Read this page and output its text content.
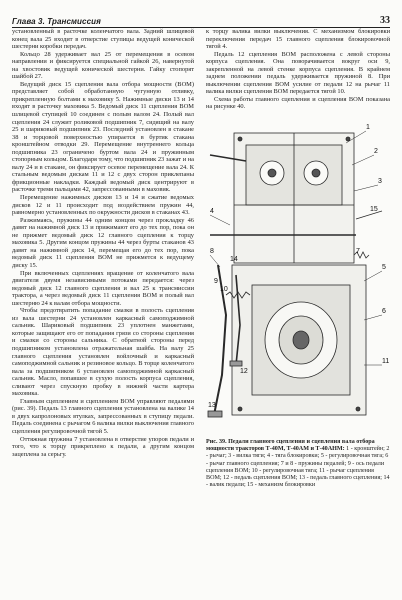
Глава 3. Трансмиссия	33

установленный в расточке коленчатого вала. Задний шлицевой конец вала 25 входит в отверстие ступицы ведущей конической шестерни коробки передач.

Кольцо 28 удерживает вал 25 от перемещения в осевом направлении и фиксируется специальной гайкой 26, навернутой на хвостовик ведущей конической шестерни. Гайку стопорят шайбой 27.

Ведущий диск 15 сцепления вала отбора мощности (ВОМ) представляет собой обработанную чугунную отливку, прикрепленную болтами к маховику 5. Нажимные диски 13 и 14 входят в расточку маховика 5. Ведомый диск 11 сцепления ВОМ шлицевой ступицей 10 соединен с полым валом 24. Полый вал сцепления 24 служит роликовой подшипник 7, сидящий на валу 25 и шариковый подшипник 23. Последний установлен в стакане 38 и торцовой поверхностью упирается в буртик стакана кронштейном отводки 29. Перемещение внутреннего кольца подшипника 23 ограничено буртом вала 24 и пружинным стопорным кольцом. Благодаря тому, что подшипник 23 зажат и на валу 24 и в стакане, он фиксирует осевое перемещение вала 24. К стальным ведомым дискам 11 и 12 с двух сторон приклепаны фрикционные накладки. Каждый ведомый диск центрируют в расточке тремя пальцами 42, запрессованными в маховик.

Перемещение нажимных дисков 13 и 14 и сжатие ведомых дисков 12 и 11 происходит под воздействием пружин 44, равномерно установленных по окружности дисков в стаканах 43.

Разжимаясь, пружины 44 одним концом через прокладку 46 давят на нажимной диск 13 и прижимают его до тех пор, пока он не прижмет ведомый диск 12 главного сцепления к торцу маховика 5. Другим концом пружины 44 через бурты стаканов 43 давят на нажимной диск 14, перемещая его до тех пор, пока ведомый диск 11 сцепления ВОМ не прижмется к ведущему диску 15.

При включенных сцеплениях вращение от коленчатого вала двигателя двумя независимыми потоками передается: через ведомый диск 12 главного сцепления и вал 25 к трансмиссии трактора, а через ведомый диск 11 сцепления ВОМ и полый вал шестерню 24 к валам отбора мощности.

Чтобы предотвратить попадание смазки в полость сцепления из вала шестерни 24 установлен каркасный самоподжимной сальник. Шариковый подшипник 23 уплотнен манжетами, которые защищают его от попадания грязи со стороны сцепления и смазки со стороны сальника. С обратной стороны перед подшипником установлена отражательная шайба. На валу 25 главного сцепления установлен войлочный и каркасный самоподжимной сальник и резиновое кольцо. В торце коленчатого вала за подшипником 6 установлен самоподжимной каркасный сальник. Масло, попавшее в сухую полость корпуса сцепления, сливают через спускную пробку в нижней части картера маховика.

Главным сцеплением и сцеплением ВОМ управляют педалями (рис. 39). Педаль 13 главного сцепления установлена на валике 14 в двух капролоновых втулках, запрессованных в ступицу педали. Педаль соединена с рычагом 6 валика вилки выключения главного сцепления регулировочной тягой 5.

Оттяжная пружина 7 установлена в отверстие упоров педали и того, что к торцу прикреплено к педали, а другим концом зацеплена за серьгу.

к торцу валика вилки выключения. С механизмом блокировки переключения передач 15 главного сцепления блокировочной тягой 4.

Педаль 12 сцепления ВОМ расположена с левой стороны корпуса сцепления. Она поворачивается вокруг оси 9, закрепленной на левой стенке корпуса сцепления. В крайнем заднем положении педаль удерживается пружиной 8. При выключении сцепления ВОМ усилие от педали 12 на рычаг 11 валика вилки сцепления ВОМ передается тягой 10.

Схема работы главного сцепления и сцепления ВОМ показана на рисунке 40.

1
2
3
4
5
6
7
8
9
10
11
12
13
14
15
Рис. 39. Педали главного сцепления и сцепления вала отбора мощности тракторов Т-40М, Т-40АМ и Т-40АНМ: 1 - кронштейн; 2 - рычаг; 3 - вилка тяги; 4 - тяга блокировки; 5 - регулировочная тяга; 6 - рычаг главного сцепления; 7 и 8 - пружины педалей; 9 - ось педали сцепления ВОМ; 10 - регулировочная тяга; 11 - рычаг сцепления ВОМ; 12 - педаль сцепления ВОМ; 13 - педаль главного сцепления; 14 - валик педали; 15 - механизм блокировки
